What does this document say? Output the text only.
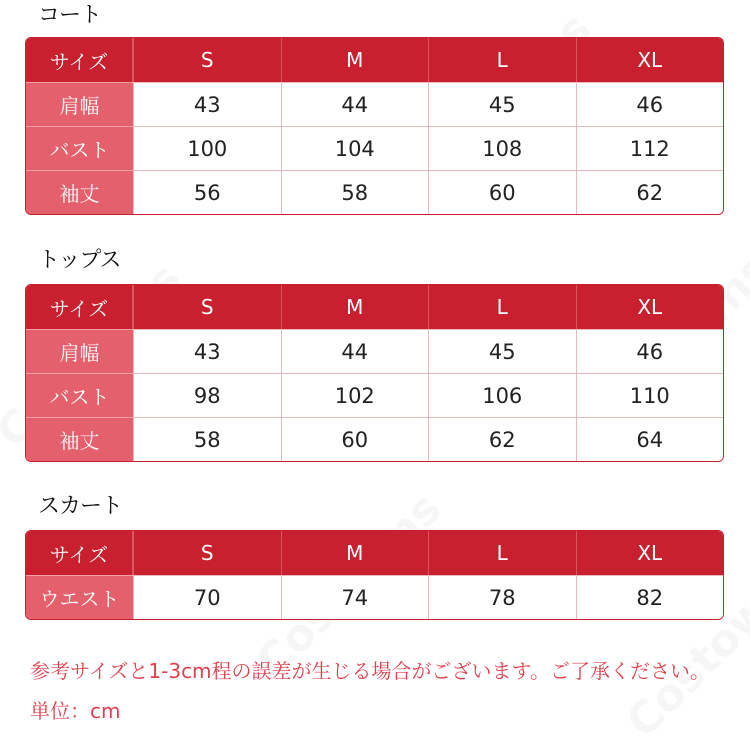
コート
サイズ	S	M	L	XL
肩幅	43	44	45	46
バスト	100	104	108	112
袖丈	56	58	60	62
トップス
サイズ	S	M	L	XL
肩幅	43	44	45	46
バスト	98	102	106	110
袖丈	58	60	62	64
スカート
サイズ	S	M	L	XL
ウエスト	70	74	78	82

参考サイズと1-3cm程の誤差が生じる場合がございます。ご了承ください。

単位：cm
